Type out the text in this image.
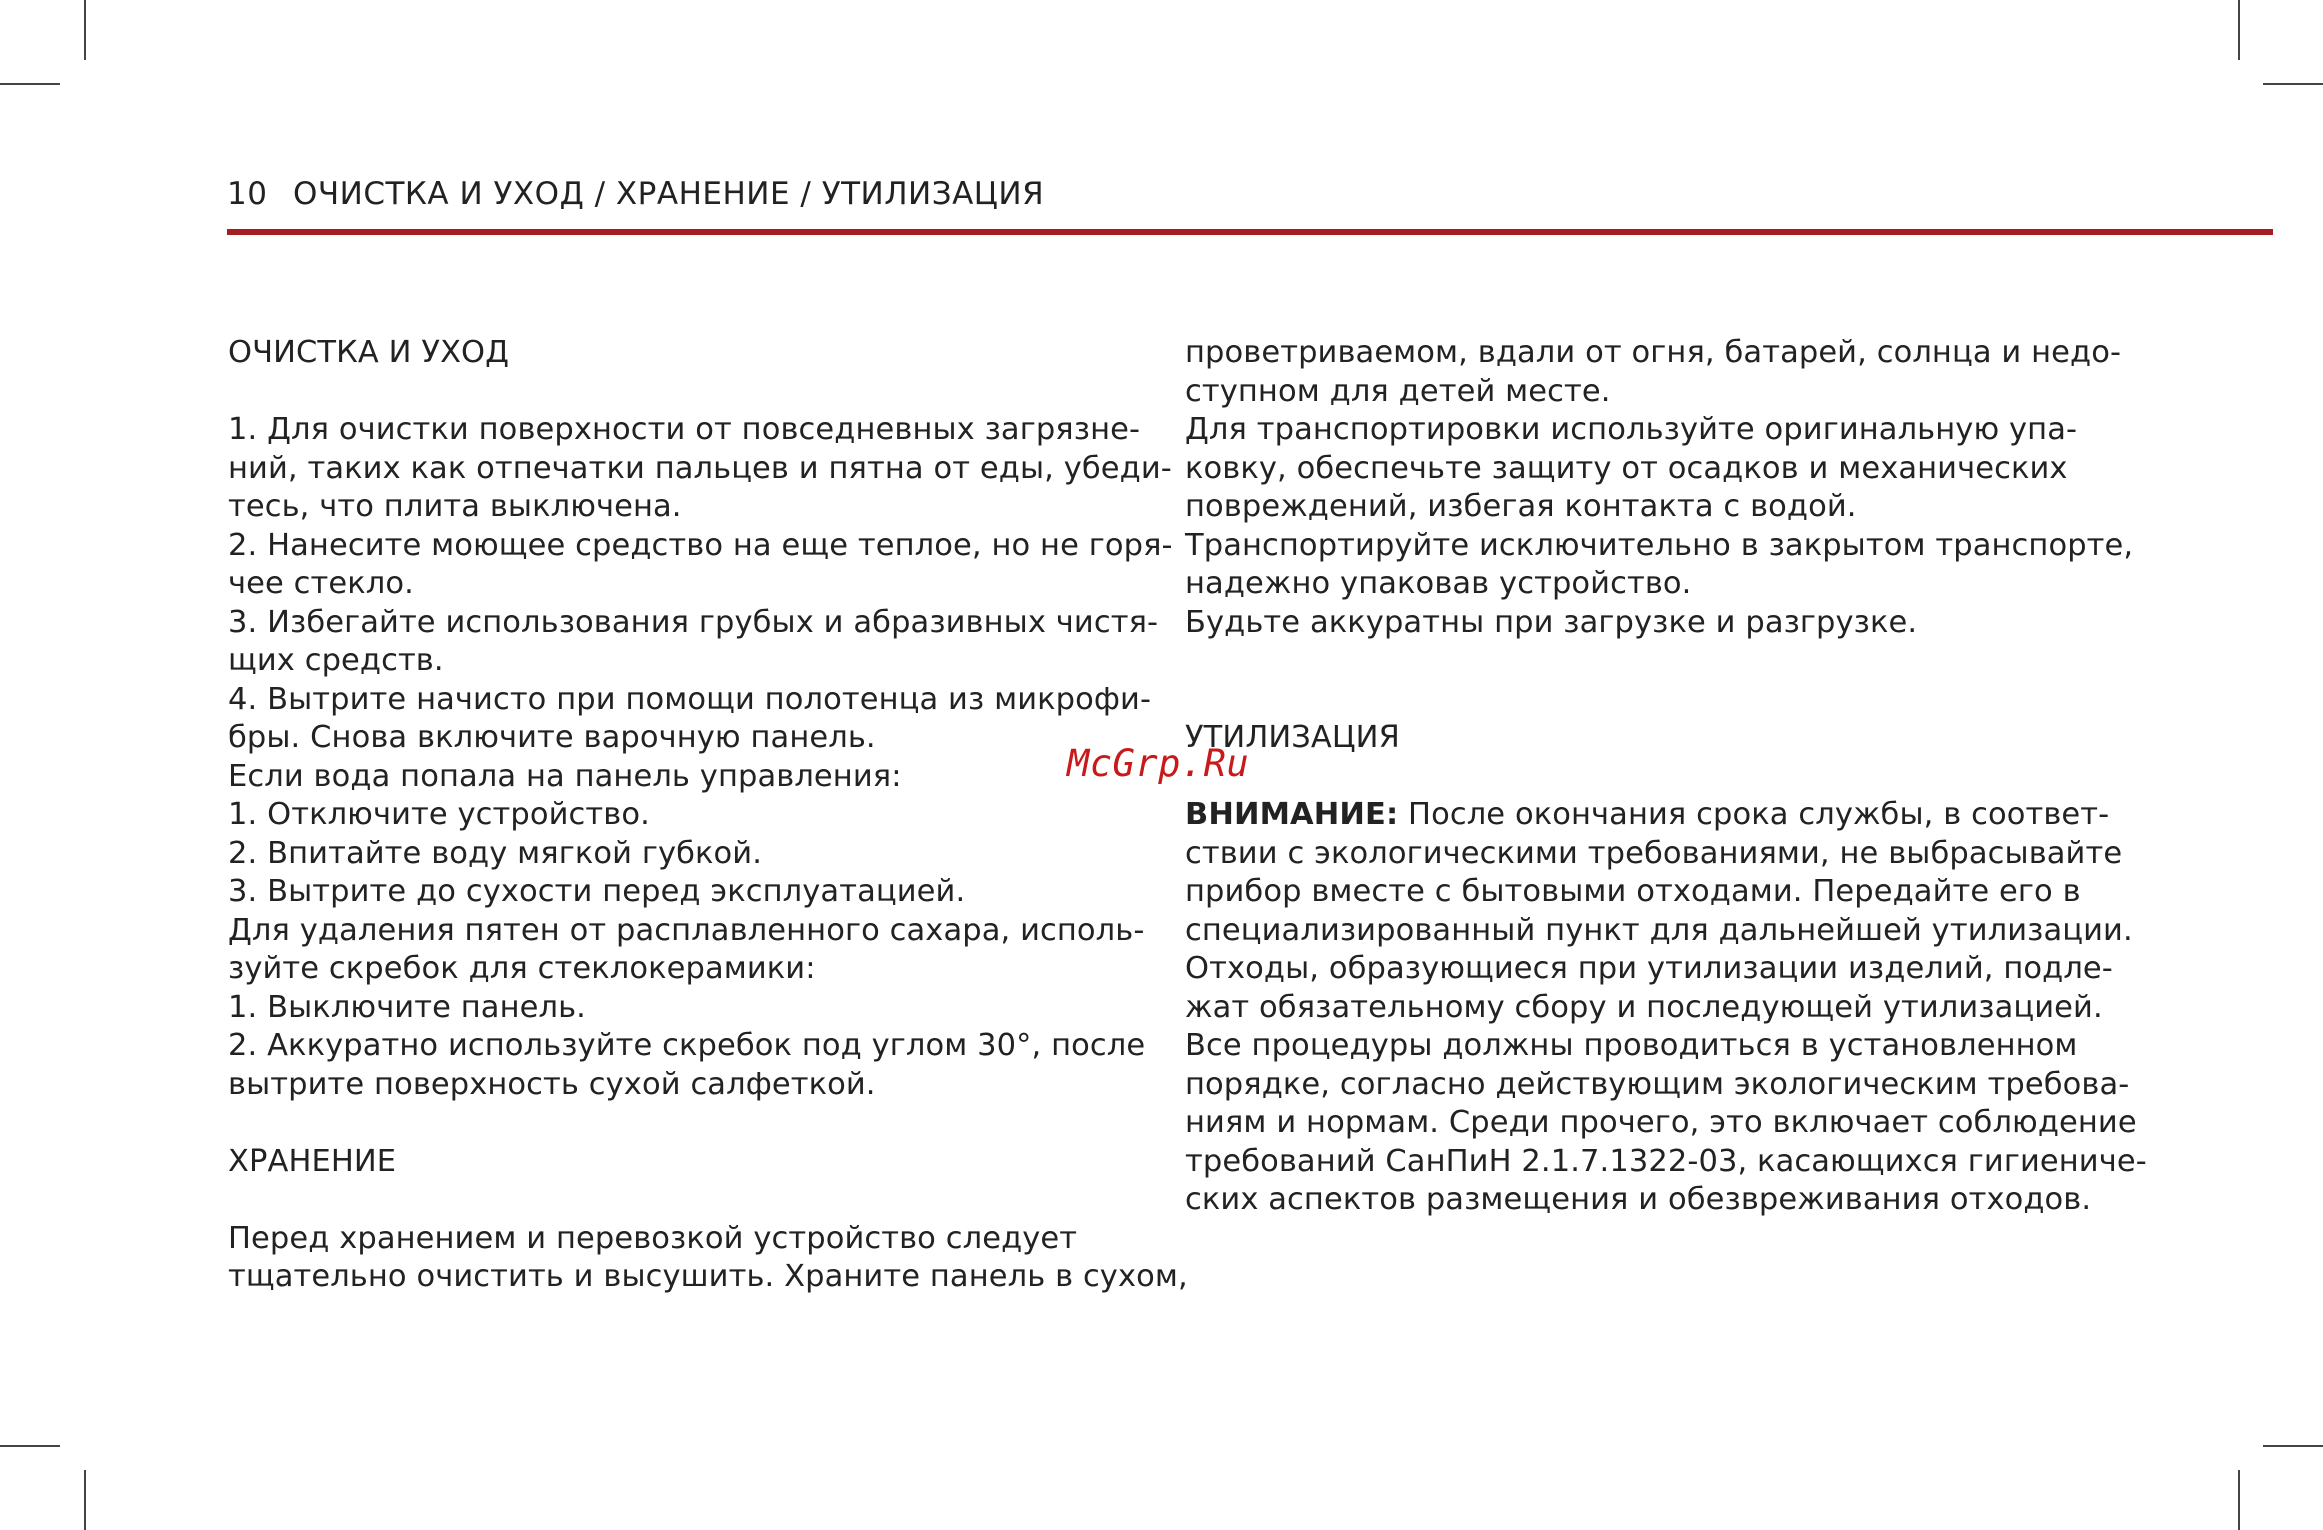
10 ОЧИСТКА И УХОД / ХРАНЕНИЕ / УТИЛИЗАЦИЯ
ОЧИСТКА И УХОД
1. Для очистки поверхности от повседневных загрязне-
ний, таких как отпечатки пальцев и пятна от еды, убеди-
тесь, что плита выключена.
2. Нанесите моющее средство на еще теплое, но не горя-
чее стекло.
3. Избегайте использования грубых и абразивных чистя-
щих средств.
4. Вытрите начисто при помощи полотенца из микрофи-
бры. Снова включите варочную панель.
Если вода попала на панель управления:
1. Отключите устройство.
2. Впитайте воду мягкой губкой.
3. Вытрите до сухости перед эксплуатацией.
Для удаления пятен от расплавленного сахара, исполь-
зуйте скребок для стеклокерамики:
1. Выключите панель.
2. Аккуратно используйте скребок под углом 30°, после
вытрите поверхность сухой салфеткой.
ХРАНЕНИЕ
Перед хранением и перевозкой устройство следует
тщательно очистить и высушить. Храните панель в сухом,
проветриваемом, вдали от огня, батарей, солнца и недо-
ступном для детей месте.
Для транспортировки используйте оригинальную упа-
ковку, обеспечьте защиту от осадков и механических
повреждений, избегая контакта с водой.
Транспортируйте исключительно в закрытом транспорте,
надежно упаковав устройство.
Будьте аккуратны при загрузке и разгрузке.
УТИЛИЗАЦИЯ
ВНИМАНИЕ: После окончания срока службы, в соответ-
ствии с экологическими требованиями, не выбрасывайте
прибор вместе с бытовыми отходами. Передайте его в
специализированный пункт для дальнейшей утилизации.
Отходы, образующиеся при утилизации изделий, подле-
жат обязательному сбору и последующей утилизацией.
Все процедуры должны проводиться в установленном
порядке, согласно действующим экологическим требова-
ниям и нормам. Среди прочего, это включает соблюдение
требований СанПиН 2.1.7.1322-03, касающихся гигиениче-
ских аспектов размещения и обезвреживания отходов.
McGrp.Ru
